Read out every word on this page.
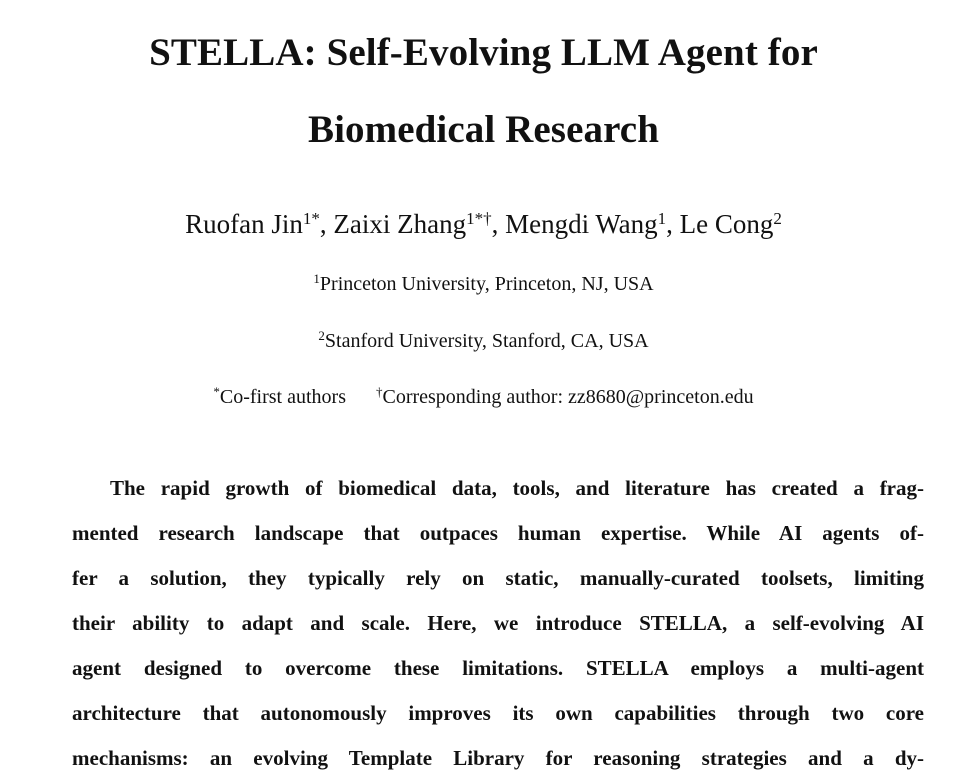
STELLA: Self-Evolving LLM Agent for
Biomedical Research
Ruofan Jin$^{1*}$, Zaixi Zhang$^{1*\dagger}$, Mengdi Wang$^1$, Le Cong$^2$
$^1$Princeton University, Princeton, NJ, USA
$^2$Stanford University, Stanford, CA, USA
*Co-first authors †Corresponding author: zz8680@princeton.edu
The rapid growth of biomedical data, tools, and literature has created a frag-
mented research landscape that outpaces human expertise. While AI agents of-
fer a solution, they typically rely on static, manually-curated toolsets, limiting
their ability to adapt and scale. Here, we introduce STELLA, a self-evolving AI
agent designed to overcome these limitations. STELLA employs a multi-agent
architecture that autonomously improves its own capabilities through two core
mechanisms: an evolving Template Library for reasoning strategies and a dy-
